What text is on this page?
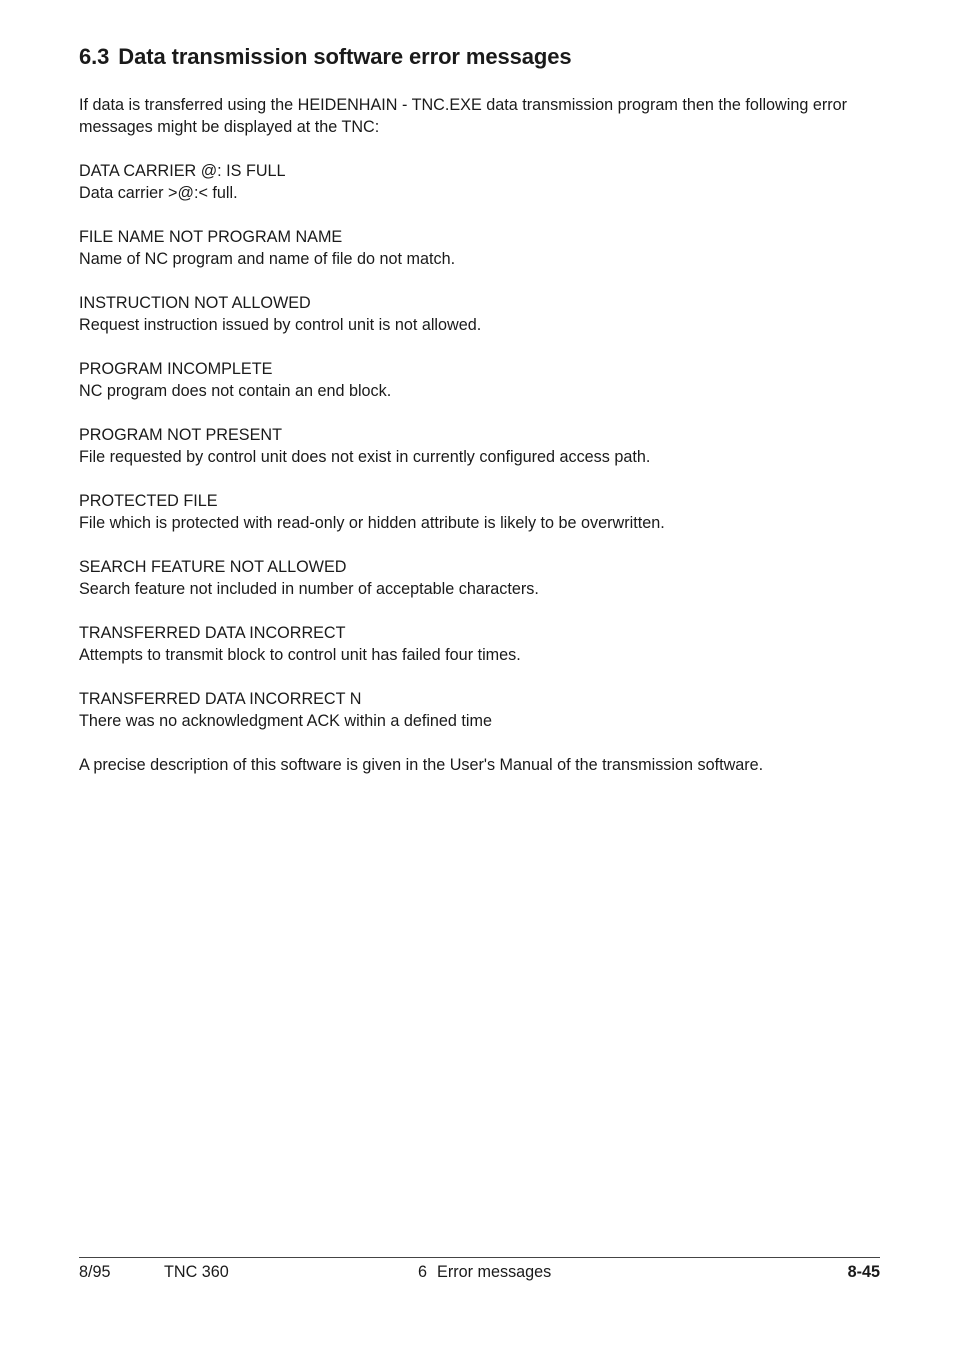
6.3 Data transmission software error messages

If data is transferred using the HEIDENHAIN - TNC.EXE data transmission program then the following error messages might be displayed at the TNC:

DATA CARRIER @: IS FULL
Data carrier >@:< full.
FILE NAME NOT PROGRAM NAME
Name of NC program and name of file do not match.
INSTRUCTION NOT ALLOWED
Request instruction issued by control unit is not allowed.
PROGRAM INCOMPLETE
NC program does not contain an end block.
PROGRAM NOT PRESENT
File requested by control unit does not exist in currently configured access path.
PROTECTED FILE
File which is protected with read-only or hidden attribute is likely to be overwritten.
SEARCH FEATURE NOT ALLOWED
Search feature not included in number of acceptable characters.
TRANSFERRED DATA INCORRECT
Attempts to transmit block to control unit has failed four times.
TRANSFERRED DATA INCORRECT N
There was no acknowledgment ACK within a defined time

A precise description of this software is given in the User's Manual of the transmission software.

8/95	TNC 360	6 Error messages	8-45
